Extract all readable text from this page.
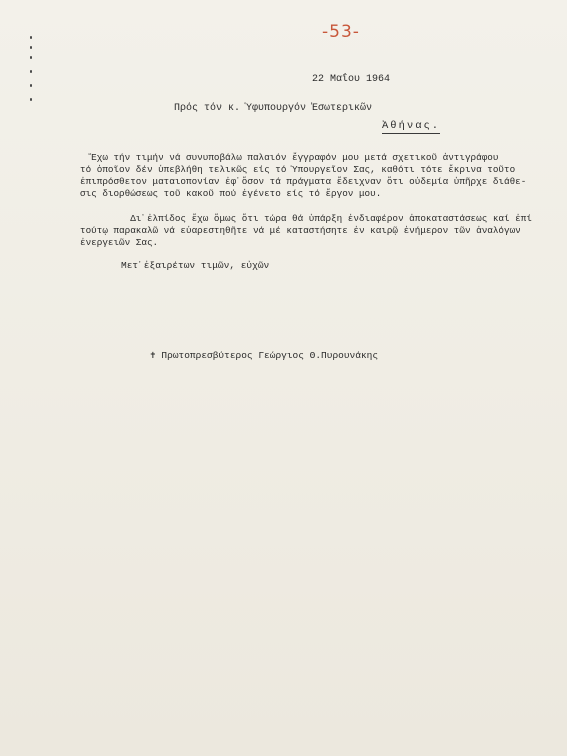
-53-
22 Μαΐου 1964
Πρός τόν κ. Ὑφυπουργόν Ἐσωτερικῶν
Ἀθήνας.

Ἔχω τήν τιμήν νά συνυποβάλω παλαιόν ἔγγραφόν μου μετά σχετικοῦ ἀντιγράφου

τό ὁποῖον δέν ὑπεβλήθη τελικῶς είς τό Ὑπουργεῖον Σας, καθότι τότε ἔκρινα τοῦτο

ἐπιπρόσθετον ματαιοπονίαν ἐφ᾽ὅσον τά πράγματα ἔδειχναν ὅτι οὐδεμία ὑπῆρχε διάθε-

σις διορθώσεως τοῦ κακοῦ πού ἐγένετο είς τό ἔργον μου.

Δι᾽ἐλπίδος ἔχω ὅμως ὅτι τώρα θά ὑπάρξη ἐνδιαφέρον ἀποκαταστάσεως καί ἐπί

τούτῳ παρακαλῶ νά εὐαρεστηθῆτε νά μέ καταστήσητε ἐν καιρῷ ἐνήμερον τῶν ἀναλόγων

ἐνεργειῶν Σας.

Μετ᾽ἐξαιρέτων τιμῶν, εὐχῶν
✝ Πρωτοπρεσβύτερος Γεώργιος Θ.Πυρουνάκης
